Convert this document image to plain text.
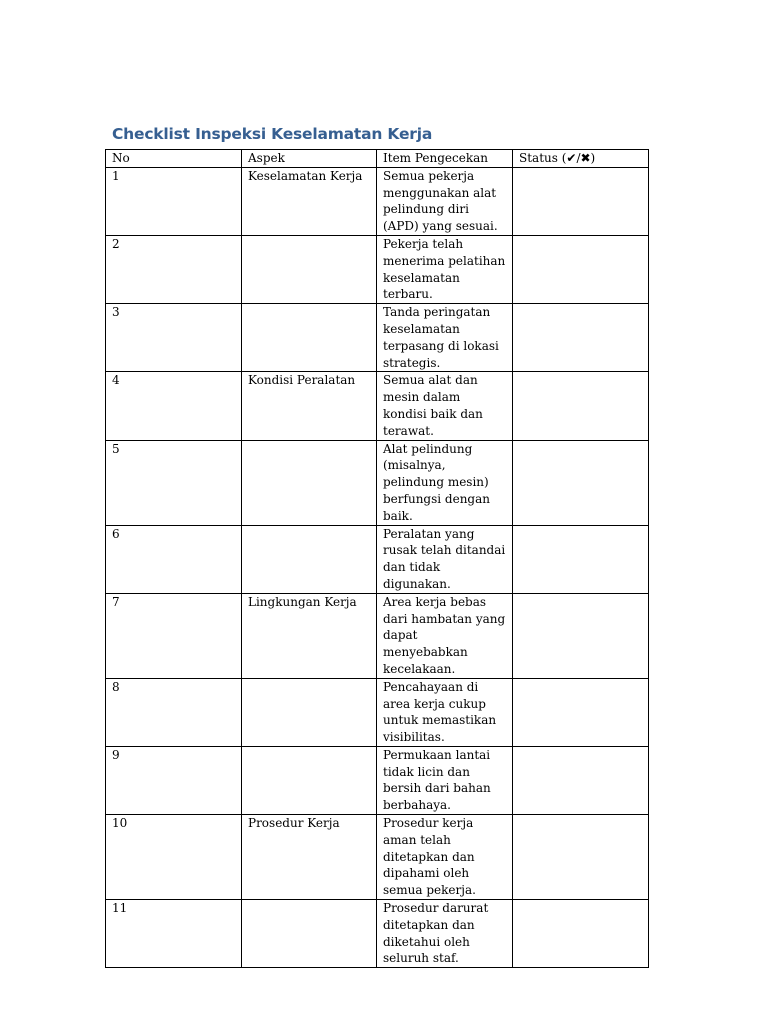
Checklist Inspeksi Keselamatan Kerja
No	Aspek	Item Pengecekan	Status (✔/✖)
1	Keselamatan Kerja	Semua pekerja menggunakan alat pelindung diri (APD) yang sesuai.	
2		Pekerja telah menerima pelatihan keselamatan terbaru.	
3		Tanda peringatan keselamatan terpasang di lokasi strategis.	
4	Kondisi Peralatan	Semua alat dan mesin dalam kondisi baik dan terawat.	
5		Alat pelindung (misalnya, pelindung mesin) berfungsi dengan baik.	
6		Peralatan yang rusak telah ditandai dan tidak digunakan.	
7	Lingkungan Kerja	Area kerja bebas dari hambatan yang dapat menyebabkan kecelakaan.	
8		Pencahayaan di area kerja cukup untuk memastikan visibilitas.	
9		Permukaan lantai tidak licin dan bersih dari bahan berbahaya.	
10	Prosedur Kerja	Prosedur kerja aman telah ditetapkan dan dipahami oleh semua pekerja.	
11		Prosedur darurat ditetapkan dan diketahui oleh seluruh staf.	
